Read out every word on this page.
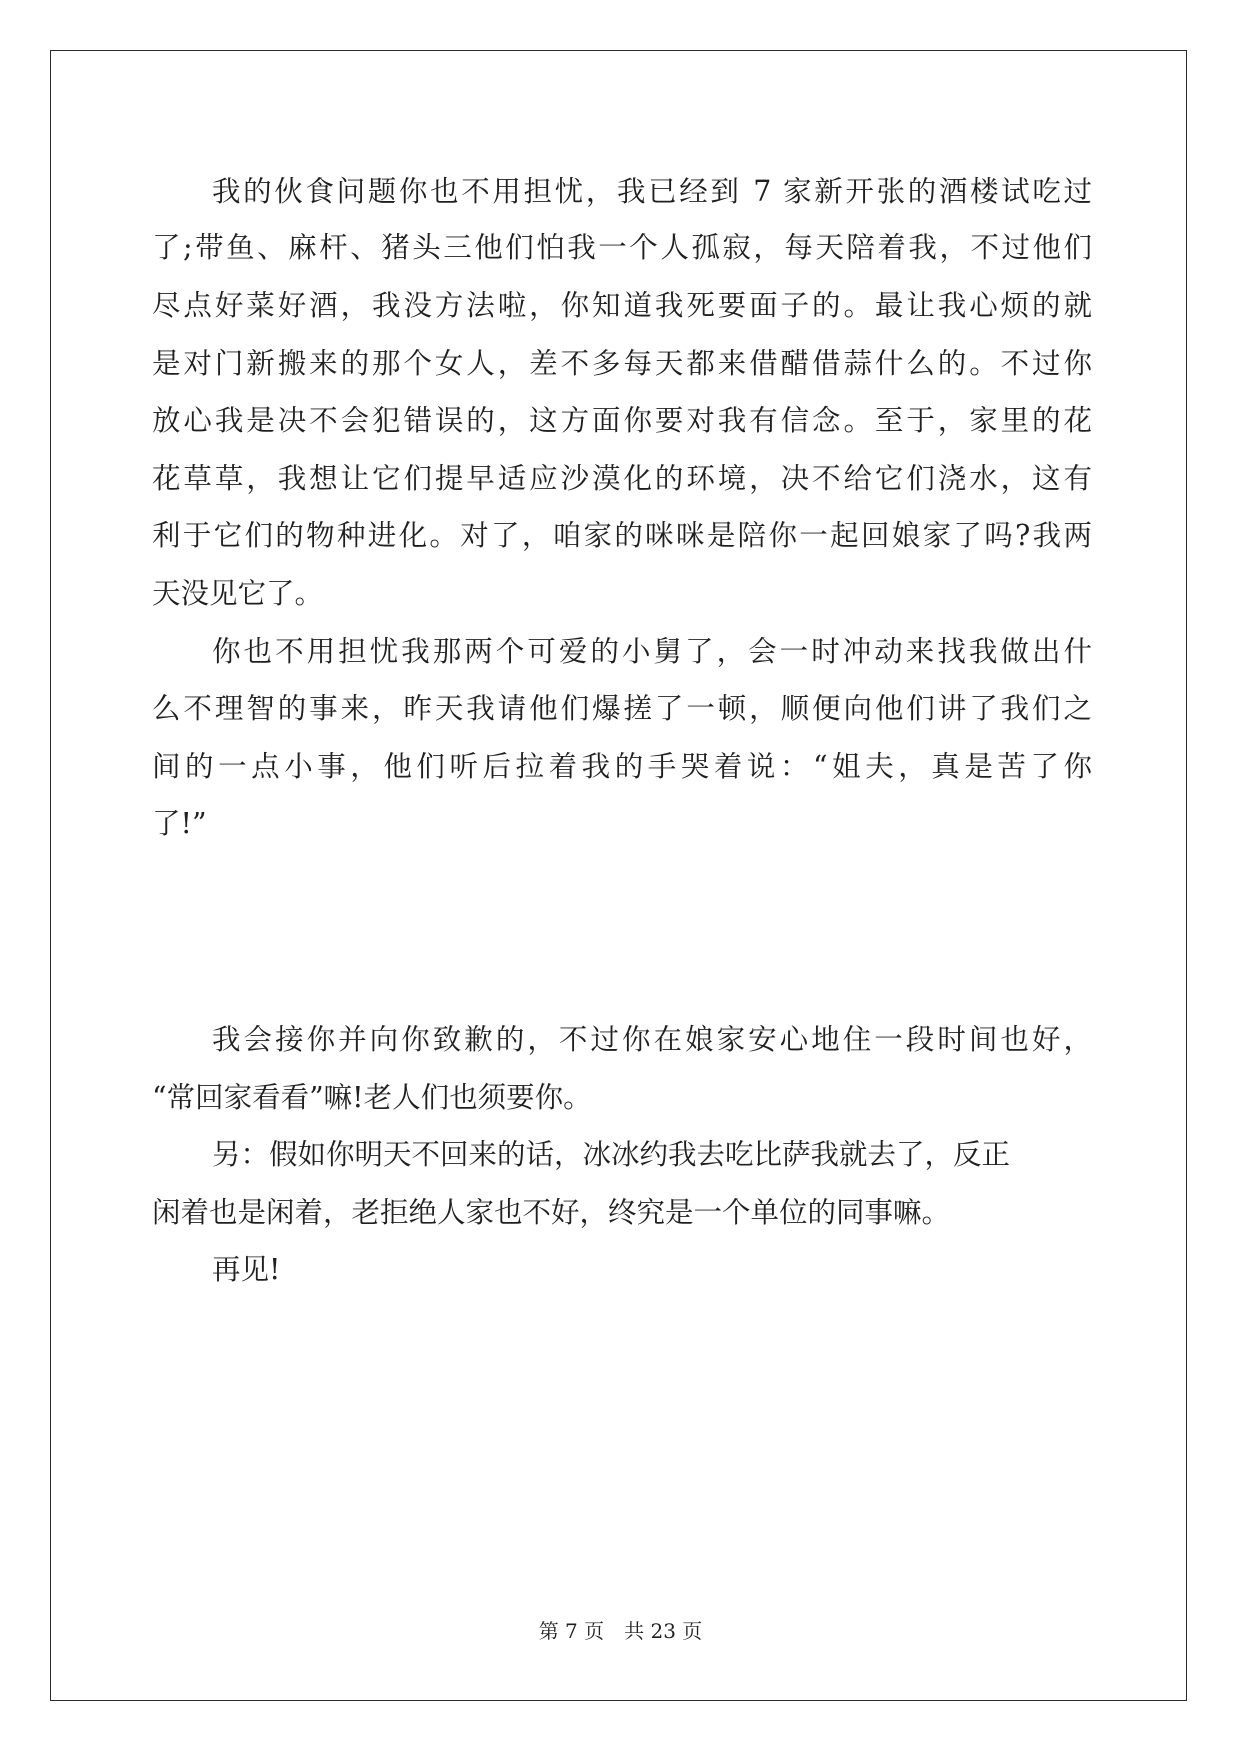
我的伙食问题你也不用担忧，我已经到 7 家新开张的酒楼试吃过
了;带鱼、麻杆、猪头三他们怕我一个人孤寂，每天陪着我，不过他们
尽点好菜好酒，我没方法啦，你知道我死要面子的。最让我心烦的就
是对门新搬来的那个女人，差不多每天都来借醋借蒜什么的。不过你
放心我是决不会犯错误的，这方面你要对我有信念。至于，家里的花
花草草，我想让它们提早适应沙漠化的环境，决不给它们浇水，这有
利于它们的物种进化。对了，咱家的咪咪是陪你一起回娘家了吗?我两
天没见它了。
你也不用担忧我那两个可爱的小舅了，会一时冲动来找我做出什
么不理智的事来，昨天我请他们爆搓了一顿，顺便向他们讲了我们之
间的一点小事，他们听后拉着我的手哭着说：“姐夫，真是苦了你
了!”
我会接你并向你致歉的，不过你在娘家安心地住一段时间也好，
“常回家看看”嘛!老人们也须要你。
另：假如你明天不回来的话，冰冰约我去吃比萨我就去了，反正
闲着也是闲着，老拒绝人家也不好，终究是一个单位的同事嘛。
再见!
第 7 页 共 23 页
